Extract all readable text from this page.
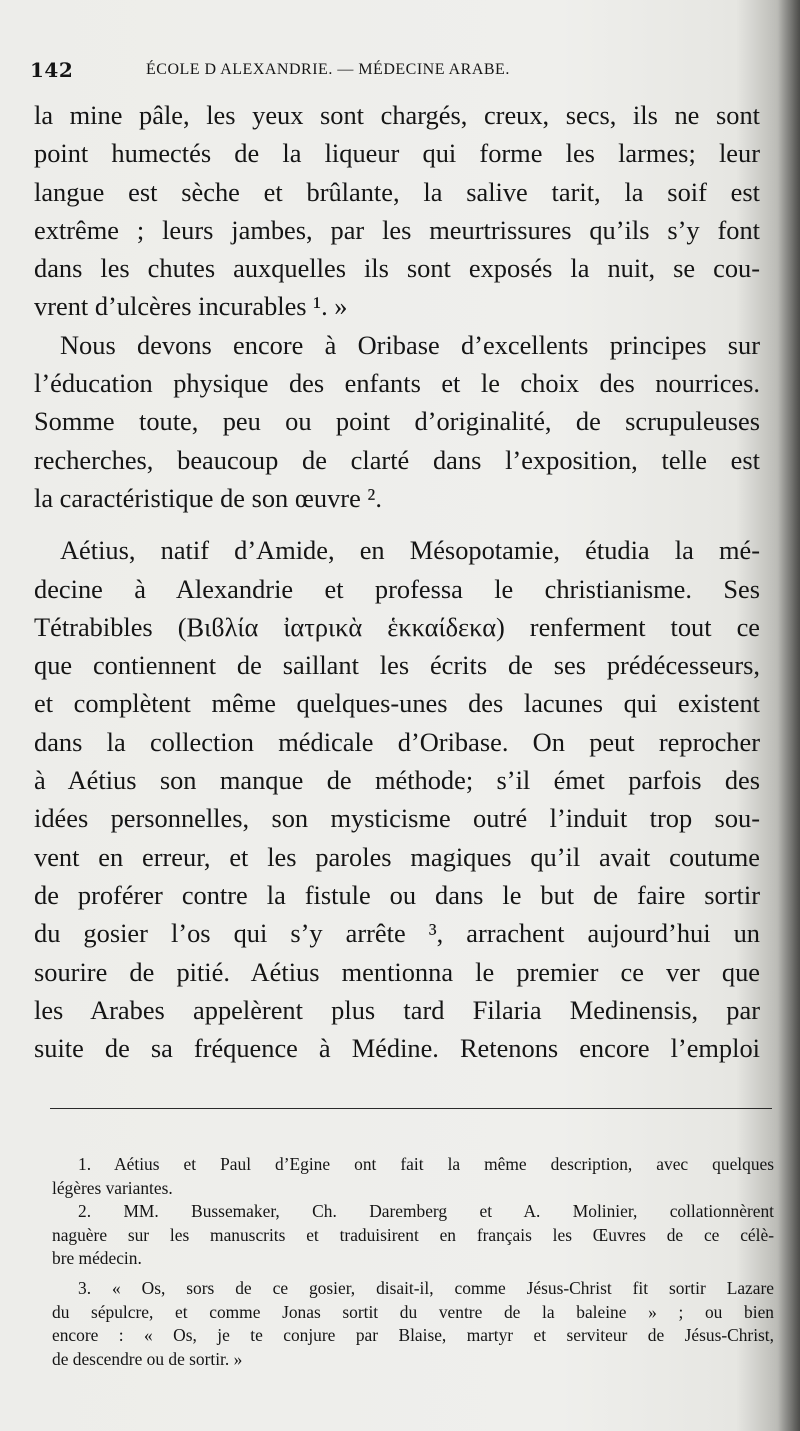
142	ÉCOLE D ALEXANDRIE. — MÉDECINE ARABE.
la mine pâle, les yeux sont chargés, creux, secs, ils ne sont
point humectés de la liqueur qui forme les larmes; leur
langue est sèche et brûlante, la salive tarit, la soif est
extrême ; leurs jambes, par les meurtrissures qu’ils s’y font
dans les chutes auxquelles ils sont exposés la nuit, se cou-
vrent d’ulcères incurables ¹. »
Nous devons encore à Oribase d’excellents principes sur
l’éducation physique des enfants et le choix des nourrices.
Somme toute, peu ou point d’originalité, de scrupuleuses
recherches, beaucoup de clarté dans l’exposition, telle est
la caractéristique de son œuvre ².
Aétius, natif d’Amide, en Mésopotamie, étudia la mé-
decine à Alexandrie et professa le christianisme. Ses
Tétrabibles (Βιϐλία ἰατρικὰ ἑκκαίδεκα) renferment tout ce
que contiennent de saillant les écrits de ses prédécesseurs,
et complètent même quelques-unes des lacunes qui existent
dans la collection médicale d’Oribase. On peut reprocher
à Aétius son manque de méthode; s’il émet parfois des
idées personnelles, son mysticisme outré l’induit trop sou-
vent en erreur, et les paroles magiques qu’il avait coutume
de proférer contre la fistule ou dans le but de faire sortir
du gosier l’os qui s’y arrête ³, arrachent aujourd’hui un
sourire de pitié. Aétius mentionna le premier ce ver que
les Arabes appelèrent plus tard Filaria Medinensis, par
suite de sa fréquence à Médine. Retenons encore l’emploi
1. Aétius et Paul d’Egine ont fait la même description, avec quelques
légères variantes.
2. MM. Bussemaker, Ch. Daremberg et A. Molinier, collationnèrent
naguère sur les manuscrits et traduisirent en français les Œuvres de ce célè-
bre médecin.
3. « Os, sors de ce gosier, disait-il, comme Jésus-Christ fit sortir Lazare
du sépulcre, et comme Jonas sortit du ventre de la baleine » ; ou bien
encore : « Os, je te conjure par Blaise, martyr et serviteur de Jésus-Christ,
de descendre ou de sortir. »
